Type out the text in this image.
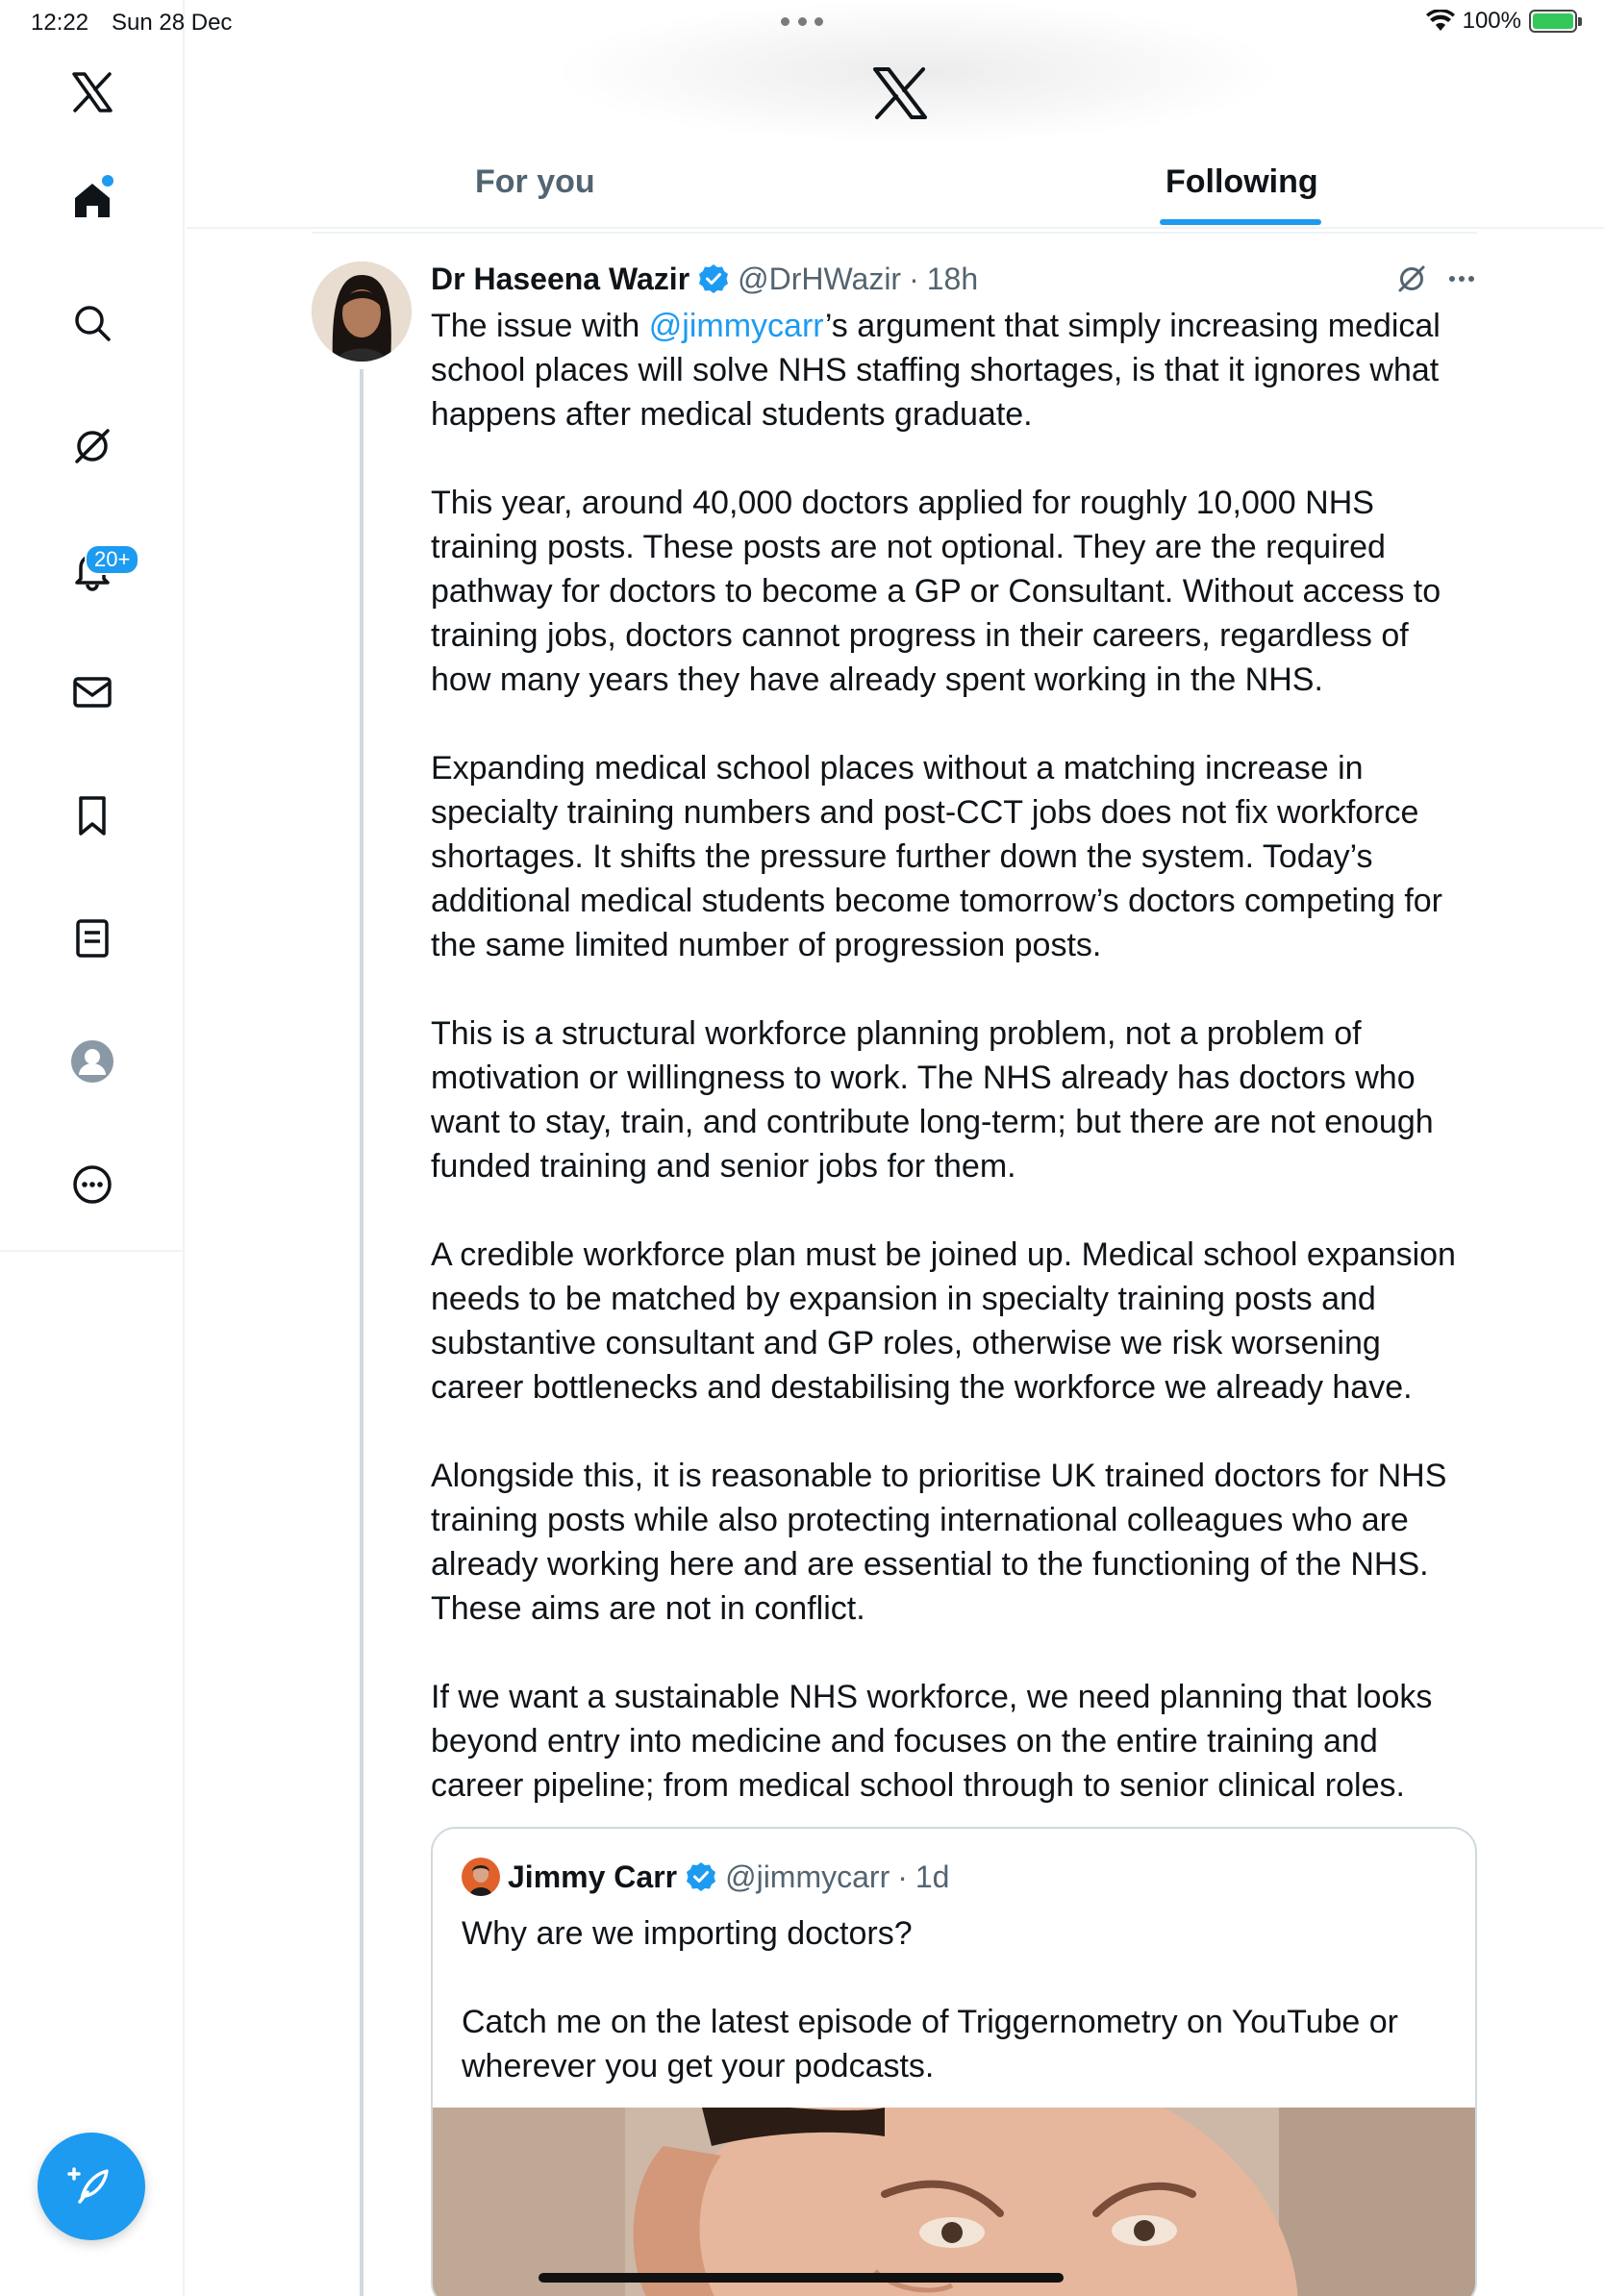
12:22 Sun 28 Dec	100%
20+
For you	Following
Dr Haseena Wazir @DrHWazir · 18h

The issue with @jimmycarr’s argument that simply increasing medical
school places will solve NHS staffing shortages, is that it ignores what
happens after medical students graduate.

This year, around 40,000 doctors applied for roughly 10,000 NHS
training posts. These posts are not optional. They are the required
pathway for doctors to become a GP or Consultant. Without access to
training jobs, doctors cannot progress in their careers, regardless of
how many years they have already spent working in the NHS.

Expanding medical school places without a matching increase in
specialty training numbers and post-CCT jobs does not fix workforce
shortages. It shifts the pressure further down the system. Today’s
additional medical students become tomorrow’s doctors competing for
the same limited number of progression posts.

This is a structural workforce planning problem, not a problem of
motivation or willingness to work. The NHS already has doctors who
want to stay, train, and contribute long-term; but there are not enough
funded training and senior jobs for them.

A credible workforce plan must be joined up. Medical school expansion
needs to be matched by expansion in specialty training posts and
substantive consultant and GP roles, otherwise we risk worsening
career bottlenecks and destabilising the workforce we already have.

Alongside this, it is reasonable to prioritise UK trained doctors for NHS
training posts while also protecting international colleagues who are
already working here and are essential to the functioning of the NHS.
These aims are not in conflict.

If we want a sustainable NHS workforce, we need planning that looks
beyond entry into medicine and focuses on the entire training and
career pipeline; from medical school through to senior clinical roles.

Jimmy Carr @jimmycarr · 1d

Why are we importing doctors?

Catch me on the latest episode of Triggernometry on YouTube or
wherever you get your podcasts.
